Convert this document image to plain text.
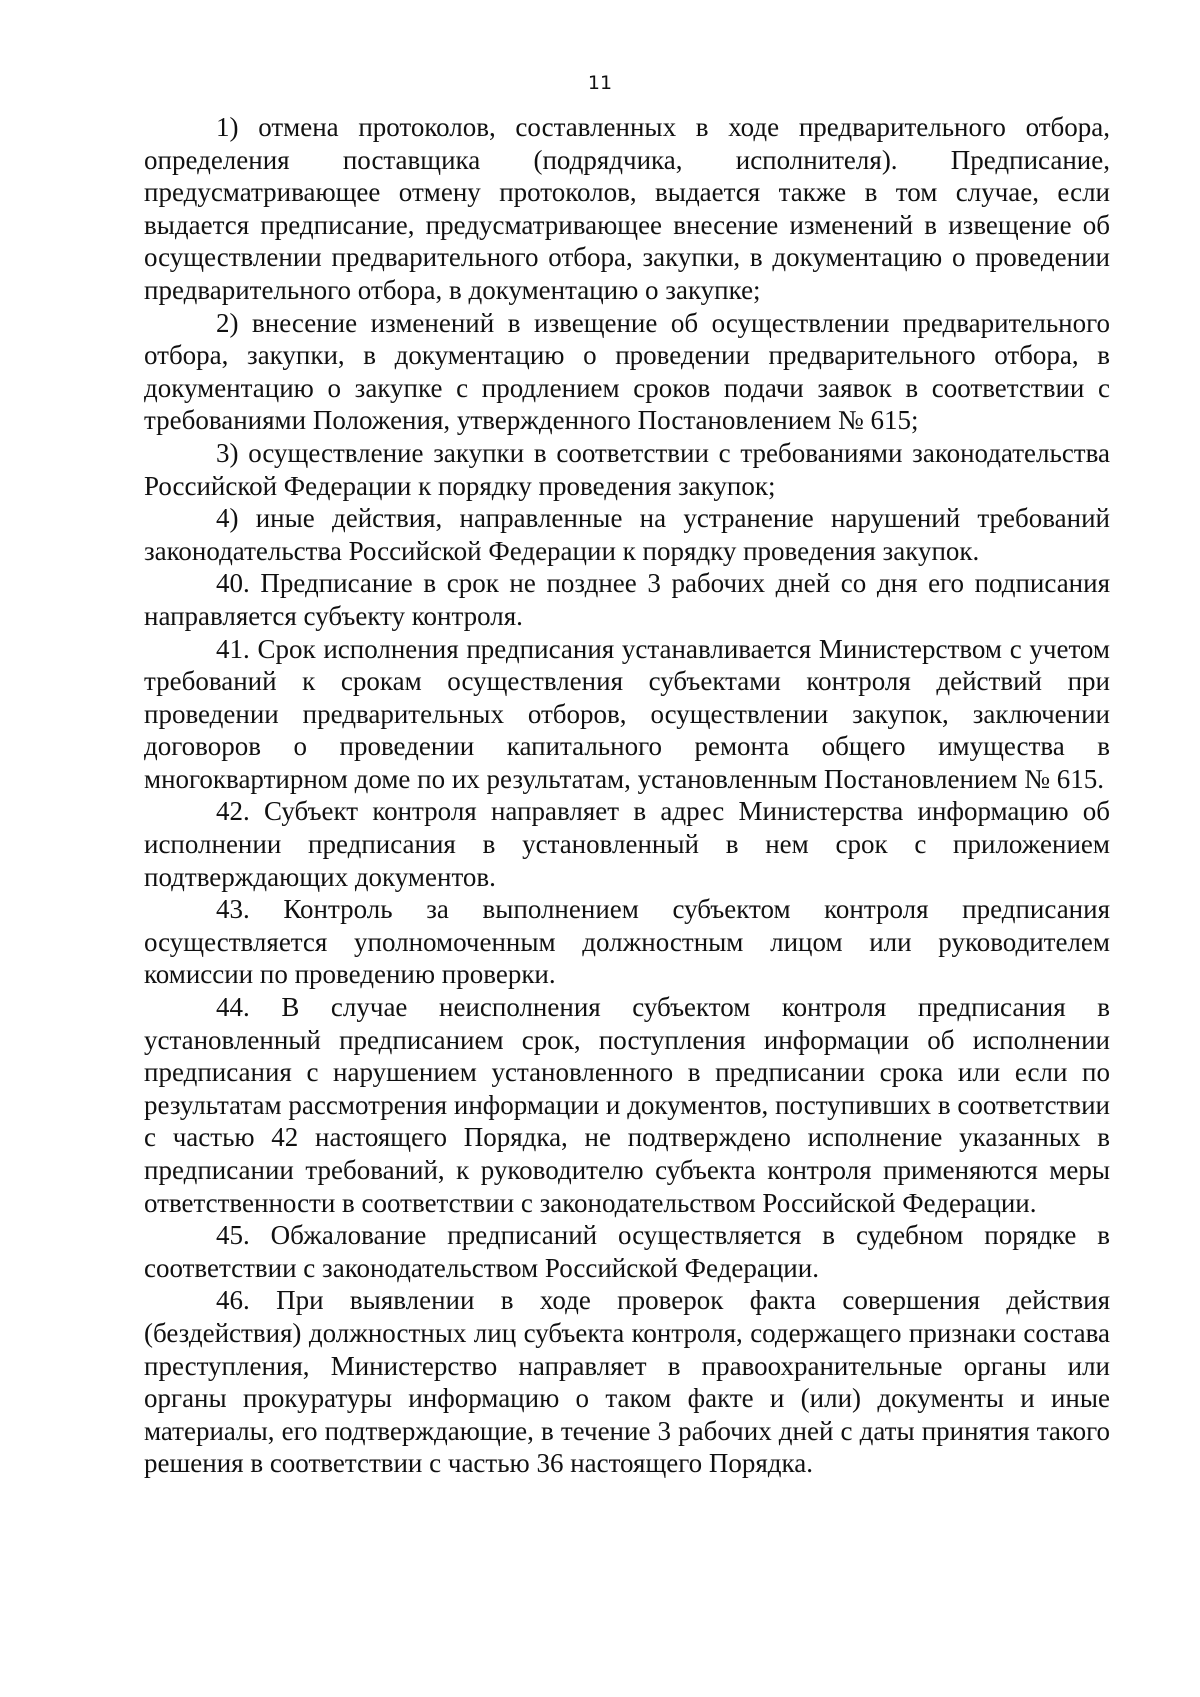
11

1) отмена протоколов, составленных в ходе предварительного отбора, определения поставщика (подрядчика, исполнителя). Предписание, предусматривающее отмену протоколов, выдается также в том случае, если выдается предписание, предусматривающее внесение изменений в извещение об осуществлении предварительного отбора, закупки, в документацию о проведении предварительного отбора, в документацию о закупке;

2) внесение изменений в извещение об осуществлении предварительного отбора, закупки, в документацию о проведении предварительного отбора, в документацию о закупке с продлением сроков подачи заявок в соответствии с требованиями Положения, утвержденного Постановлением № 615;

3) осуществление закупки в соответствии с требованиями законодательства Российской Федерации к порядку проведения закупок;

4) иные действия, направленные на устранение нарушений требований законодательства Российской Федерации к порядку проведения закупок.

40. Предписание в срок не позднее 3 рабочих дней со дня его подписания направляется субъекту контроля.

41. Срок исполнения предписания устанавливается Министерством с учетом требований к срокам осуществления субъектами контроля действий при проведении предварительных отборов, осуществлении закупок, заключении договоров о проведении капитального ремонта общего имущества в многоквартирном доме по их результатам, установленным Постановлением № 615.

42. Субъект контроля направляет в адрес Министерства информацию об исполнении предписания в установленный в нем срок с приложением подтверждающих документов.

43. Контроль за выполнением субъектом контроля предписания осуществляется уполномоченным должностным лицом или руководителем комиссии по проведению проверки.

44. В случае неисполнения субъектом контроля предписания в установленный предписанием срок, поступления информации об исполнении предписания с нарушением установленного в предписании срока или если по результатам рассмотрения информации и документов, поступивших в соответствии с частью 42 настоящего Порядка, не подтверждено исполнение указанных в предписании требований, к руководителю субъекта контроля применяются меры ответственности в соответствии с законодательством Российской Федерации.

45. Обжалование предписаний осуществляется в судебном порядке в соответствии с законодательством Российской Федерации.

46. При выявлении в ходе проверок факта совершения действия (бездействия) должностных лиц субъекта контроля, содержащего признаки состава преступления, Министерство направляет в правоохранительные органы или органы прокуратуры информацию о таком факте и (или) документы и иные материалы, его подтверждающие, в течение 3 рабочих дней с даты принятия такого решения в соответствии с частью 36 настоящего Порядка.
